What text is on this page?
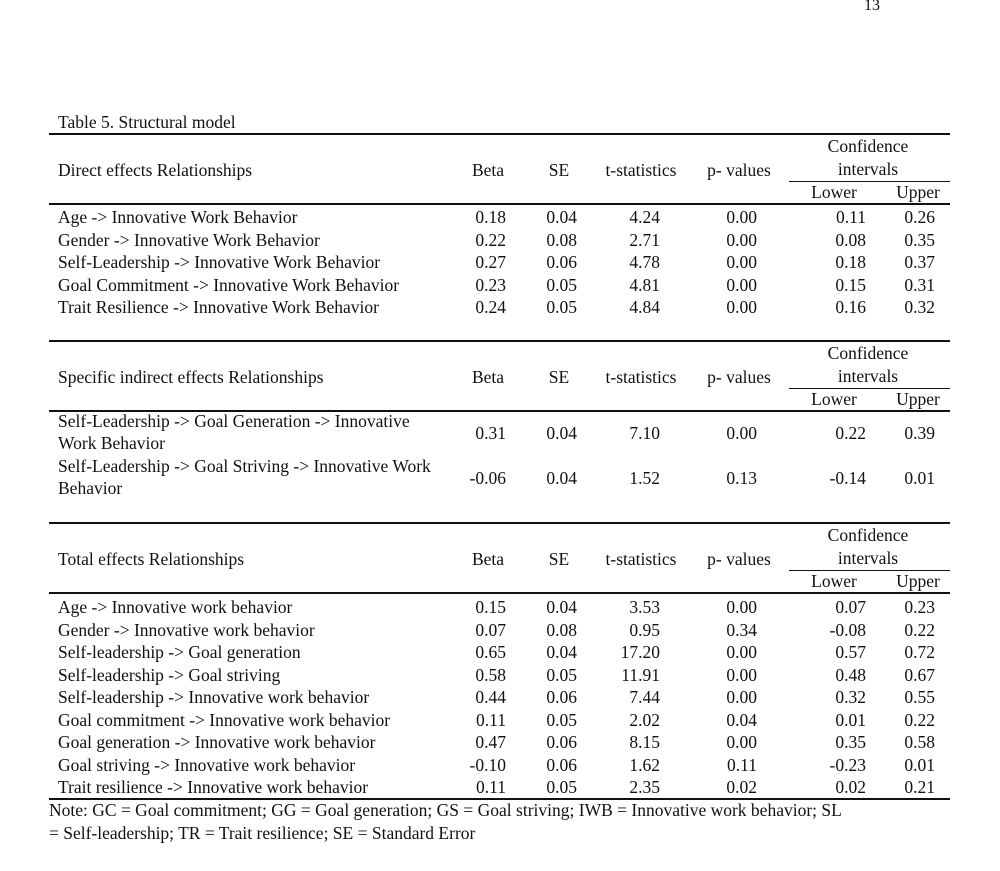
13
Table 5. Structural model
Direct effects Relationships	Beta	SE	t-statistics	p- values
Confidence
intervals
Lower	Upper
Age -> Innovative Work Behavior	0.18	0.04	4.24	0.00	0.11	0.26
Gender -> Innovative Work Behavior	0.22	0.08	2.71	0.00	0.08	0.35
Self-Leadership -> Innovative Work Behavior	0.27	0.06	4.78	0.00	0.18	0.37
Goal Commitment -> Innovative Work Behavior	0.23	0.05	4.81	0.00	0.15	0.31
Trait Resilience -> Innovative Work Behavior	0.24	0.05	4.84	0.00	0.16	0.32
Specific indirect effects Relationships	Beta	SE	t-statistics	p- values
Confidence
intervals
Lower	Upper
Self-Leadership -> Goal Generation -> Innovative Work Behavior	0.31	0.04	7.10	0.00	0.22	0.39
Self-Leadership -> Goal Striving -> Innovative Work Behavior	-0.06	0.04	1.52	0.13	-0.14	0.01
Total effects Relationships	Beta	SE	t-statistics	p- values
Confidence
intervals
Lower	Upper
Age -> Innovative work behavior	0.15	0.04	3.53	0.00	0.07	0.23
Gender -> Innovative work behavior	0.07	0.08	0.95	0.34	-0.08	0.22
Self-leadership -> Goal generation	0.65	0.04	17.20	0.00	0.57	0.72
Self-leadership -> Goal striving	0.58	0.05	11.91	0.00	0.48	0.67
Self-leadership -> Innovative work behavior	0.44	0.06	7.44	0.00	0.32	0.55
Goal commitment -> Innovative work behavior	0.11	0.05	2.02	0.04	0.01	0.22
Goal generation -> Innovative work behavior	0.47	0.06	8.15	0.00	0.35	0.58
Goal striving -> Innovative work behavior	-0.10	0.06	1.62	0.11	-0.23	0.01
Trait resilience -> Innovative work behavior	0.11	0.05	2.35	0.02	0.02	0.21
Note: GC = Goal commitment; GG = Goal generation; GS = Goal striving; IWB = Innovative work behavior; SL = Self-leadership; TR = Trait resilience; SE = Standard Error
